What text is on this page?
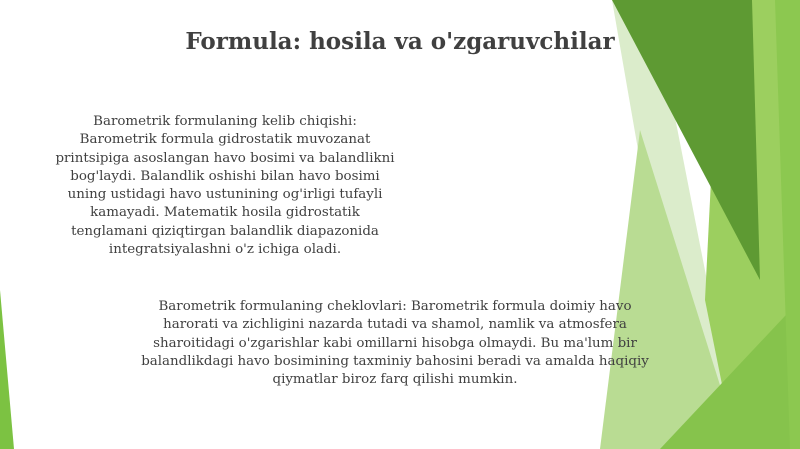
Formula: hosila va o'zgaruvchilar
Barometrik formulaning kelib chiqishi: Barometrik formula gidrostatik muvozanat printsipiga asoslangan havo bosimi va balandlikni bog'laydi. Balandlik oshishi bilan havo bosimi uning ustidagi havo ustunining og'irligi tufayli kamayadi. Matematik hosila gidrostatik tenglamani qiziqtirgan balandlik diapazonida integratsiyalashni o'z ichiga oladi.
Barometrik formulaning cheklovlari: Barometrik formula doimiy havo harorati va zichligini nazarda tutadi va shamol, namlik va atmosfera sharoitidagi o'zgarishlar kabi omillarni hisobga olmaydi. Bu ma'lum bir balandlikdagi havo bosimining taxminiy bahosini beradi va amalda haqiqiy qiymatlar biroz farq qilishi mumkin.
